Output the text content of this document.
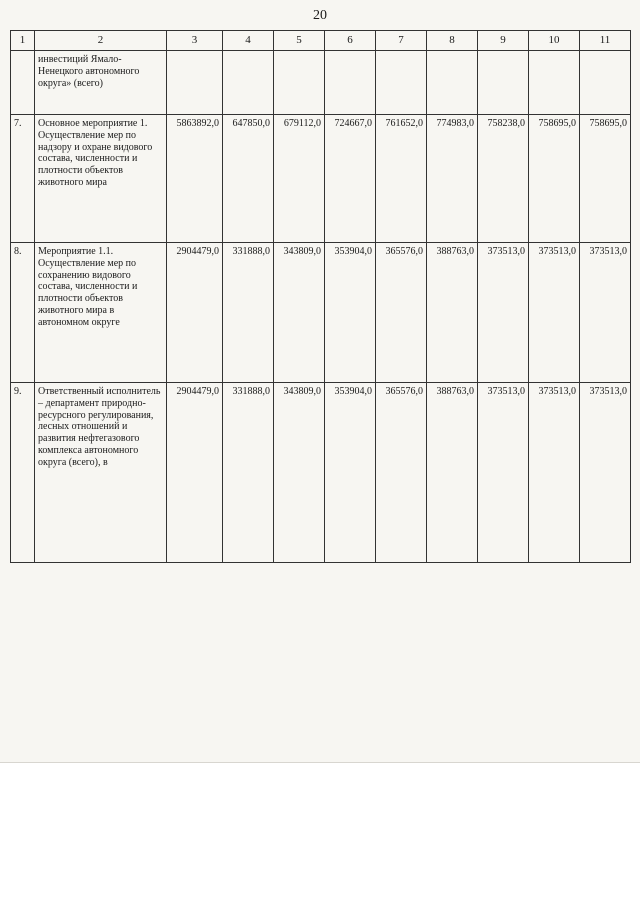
20
1	2	3	4	5	6	7	8	9	10	11
	инвестиций Ямало-Ненецкого автономного округа» (всего)									
7.	Основное мероприятие 1. Осуществление мер по надзору и охране видового состава, численности и плотности объектов животного мира	5863892,0	647850,0	679112,0	724667,0	761652,0	774983,0	758238,0	758695,0	758695,0
8.	Мероприятие 1.1. Осуществление мер по сохранению видового состава, численности и плотности объектов животного мира в автономном округе	2904479,0	331888,0	343809,0	353904,0	365576,0	388763,0	373513,0	373513,0	373513,0
9.	Ответственный исполнитель – департамент природно-ресурсного регулирования, лесных отношений и развития нефтегазового комплекса автономного округа (всего), в	2904479,0	331888,0	343809,0	353904,0	365576,0	388763,0	373513,0	373513,0	373513,0
